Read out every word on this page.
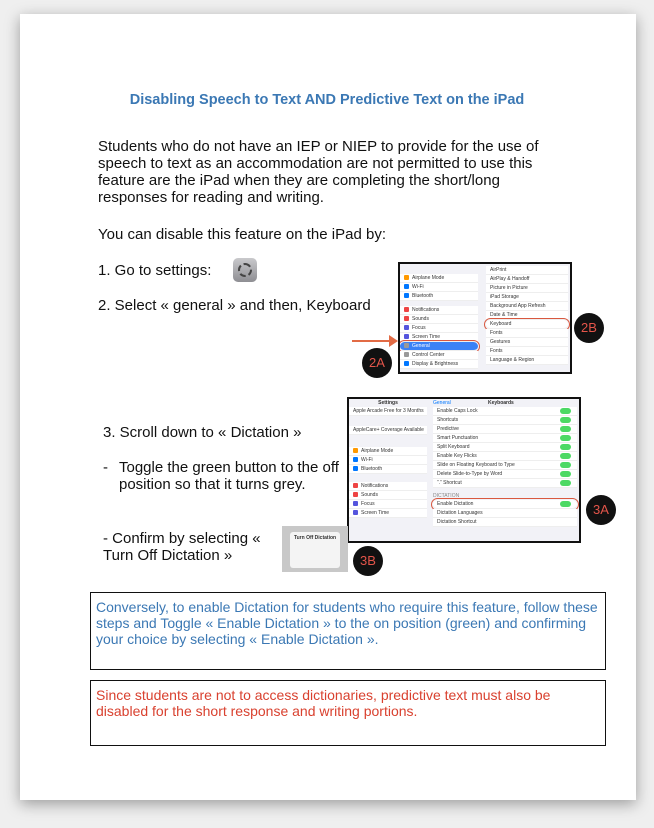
Disabling Speech to Text AND Predictive Text on the iPad
Students who do not have an IEP or NIEP to provide for the use of speech to text as an accommodation are not permitted to use this feature are the iPad when they are completing the short/long responses for reading and writing.
You can disable this feature on the iPad by:
1. Go to settings:
2. Select « general » and then, Keyboard
Airplane Mode
Wi-Fi
Bluetooth
Notifications
Sounds
Focus
Screen Time
General
Control Center
Display & Brightness
AirPrint
AirPlay & Handoff
Picture in Picture
iPad Storage
Background App Refresh
Date & Time
Keyboard
Fonts
Gestures
Fonts
Language & Region
2A
2B
3. Scroll down to « Dictation »
- Toggle the green button to the off position so that it turns grey.
- Confirm by selecting « Turn Off Dictation »
Settings
Apple Arcade Free for 3 Months
AppleCare+ Coverage Available
Airplane Mode
Wi-Fi
Bluetooth
Notifications
Sounds
Focus
Screen Time
General	Keyboards
Enable Caps Lock
Shortcuts
Predictive
Smart Punctuation
Split Keyboard
Enable Key Flicks
Slide on Floating Keyboard to Type
Delete Slide-to-Type by Word
“.” Shortcut
DICTATION
Enable Dictation
Dictation Languages
Dictation Shortcut
3A
Turn Off Dictation
3B
Conversely, to enable Dictation for students who require this feature, follow these steps and Toggle « Enable Dictation » to the on position (green) and confirming your choice by selecting « Enable Dictation ».
Since students are not to access dictionaries, predictive text must also be disabled for the short response and writing portions.
